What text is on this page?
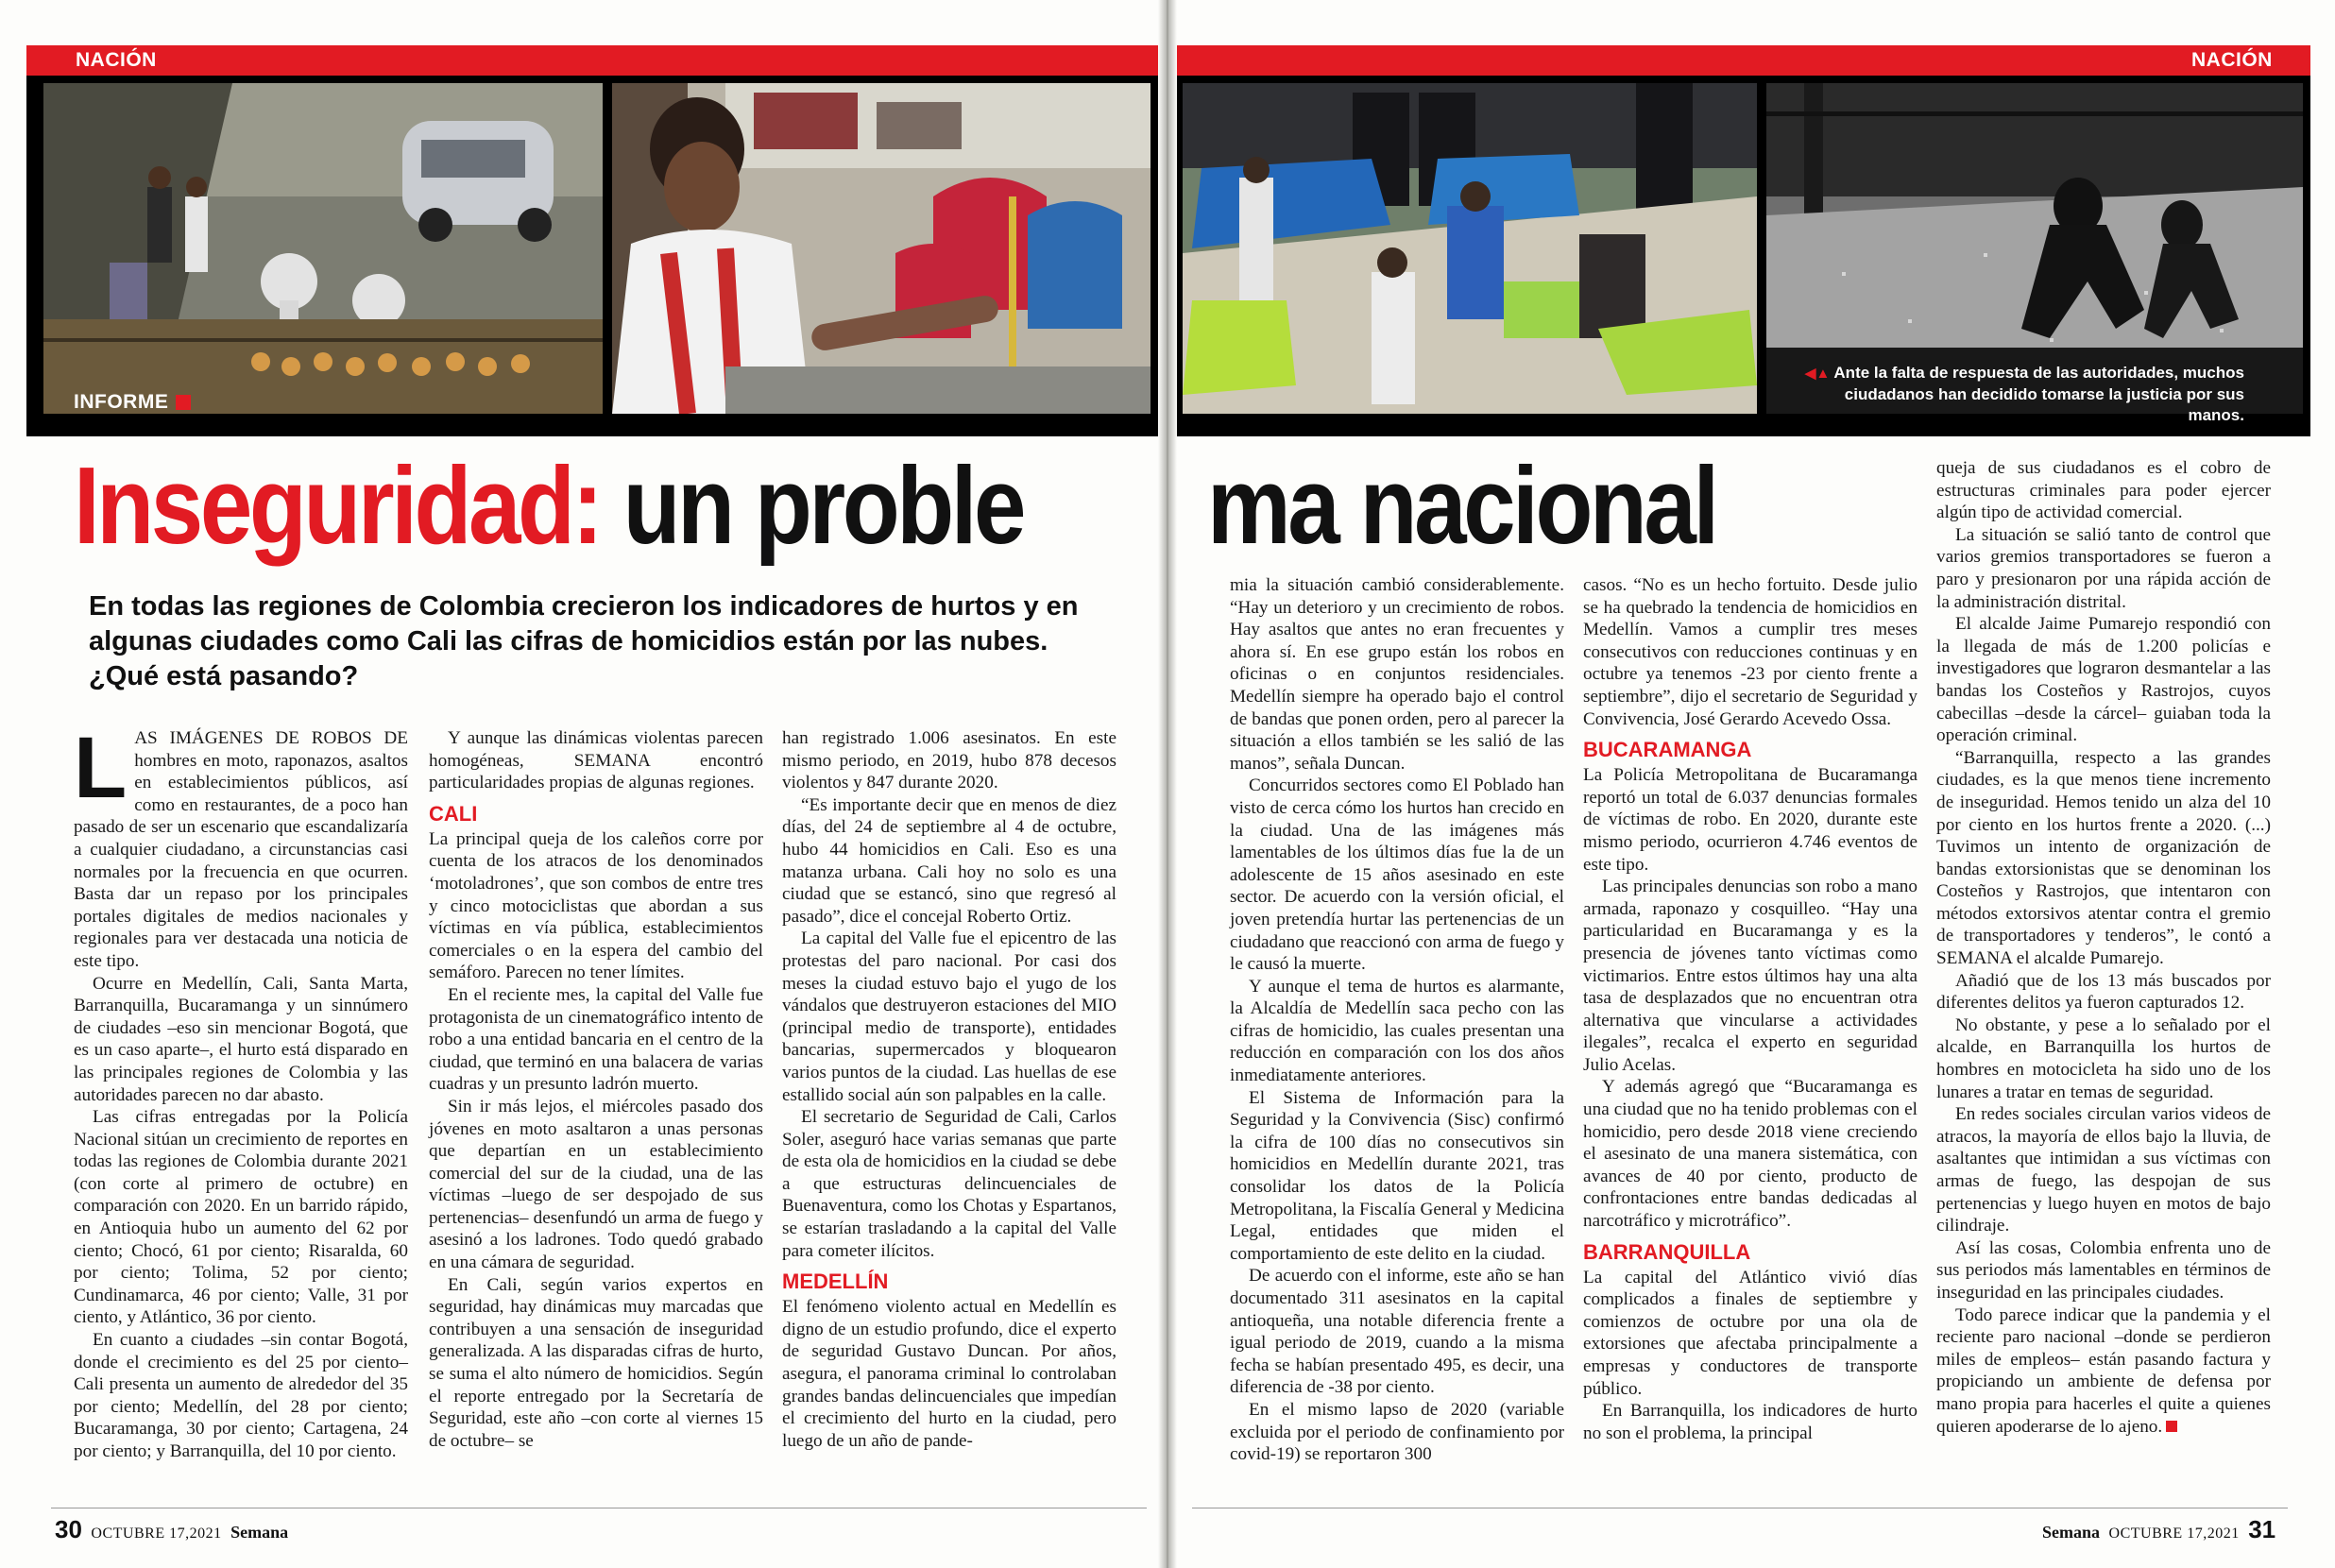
NACIÓN	NACIÓN
INFORME
◀▲ Ante la falta de respuesta de las autoridades, muchos ciudadanos han decidido tomarse la justicia por sus manos.
Inseguridad: un proble ma nacional
En todas las regiones de Colombia crecieron los indicadores de hurtos y en algunas ciudades como Cali las cifras de homicidios están por las nubes. ¿Qué está pasando?

LAS IMÁGENES DE ROBOS DE hombres en moto, raponazos, asaltos en establecimientos públicos, así como en restaurantes, de a poco han pasado de ser un escenario que escandalizaría a cualquier ciudadano, a circunstancias casi normales por la frecuencia en que ocurren. Basta dar un repaso por los principales portales digitales de medios nacionales y regionales para ver destacada una noticia de este tipo.

Ocurre en Medellín, Cali, Santa Marta, Barranquilla, Bucaramanga y un sinnúmero de ciudades –eso sin mencionar Bogotá, que es un caso aparte–, el hurto está disparado en las principales regiones de Colombia y las autoridades parecen no dar abasto.

Las cifras entregadas por la Policía Nacional sitúan un crecimiento de reportes en todas las regiones de Colombia durante 2021 (con corte al primero de octubre) en comparación con 2020. En un barrido rápido, en Antioquia hubo un aumento del 62 por ciento; Chocó, 61 por ciento; Risaralda, 60 por ciento; Tolima, 52 por ciento; Cundinamarca, 46 por ciento; Valle, 31 por ciento, y Atlántico, 36 por ciento.

En cuanto a ciudades –sin contar Bogotá, donde el crecimiento es del 25 por ciento– Cali presenta un aumento de alrededor del 35 por ciento; Medellín, del 28 por ciento; Bucaramanga, 30 por ciento; Cartagena, 24 por ciento; y Barranquilla, del 10 por ciento.

Y aunque las dinámicas violentas parecen homogéneas, SEMANA encontró particularidades propias de algunas regiones.

CALI

La principal queja de los caleños corre por cuenta de los atracos de los denominados ‘motoladrones’, que son combos de entre tres y cinco motociclistas que abordan a sus víctimas en vía pública, establecimientos comerciales o en la espera del cambio del semáforo. Parecen no tener límites.

En el reciente mes, la capital del Valle fue protagonista de un cinematográfico intento de robo a una entidad bancaria en el centro de la ciudad, que terminó en una balacera de varias cuadras y un presunto ladrón muerto.

Sin ir más lejos, el miércoles pasado dos jóvenes en moto asaltaron a unas personas que departían en un establecimiento comercial del sur de la ciudad, una de las víctimas –luego de ser despojado de sus pertenencias– desenfundó un arma de fuego y asesinó a los ladrones. Todo quedó grabado en una cámara de seguridad.

En Cali, según varios expertos en seguridad, hay dinámicas muy marcadas que contribuyen a una sensación de inseguridad generalizada. A las disparadas cifras de hurto, se suma el alto número de homicidios. Según el reporte entregado por la Secretaría de Seguridad, este año –con corte al viernes 15 de octubre– se

han registrado 1.006 asesinatos. En este mismo periodo, en 2019, hubo 878 decesos violentos y 847 durante 2020.

“Es importante decir que en menos de diez días, del 24 de septiembre al 4 de octubre, hubo 44 homicidios en Cali. Eso es una matanza urbana. Cali hoy no solo es una ciudad que se estancó, sino que regresó al pasado”, dice el concejal Roberto Ortiz.

La capital del Valle fue el epicentro de las protestas del paro nacional. Por casi dos meses la ciudad estuvo bajo el yugo de los vándalos que destruyeron estaciones del MIO (principal medio de transporte), entidades bancarias, supermercados y bloquearon varios puntos de la ciudad. Las huellas de ese estallido social aún son palpables en la calle.

El secretario de Seguridad de Cali, Carlos Soler, aseguró hace varias semanas que parte de esta ola de homicidios en la ciudad se debe a que estructuras delincuenciales de Buenaventura, como los Chotas y Espartanos, se estarían trasladando a la capital del Valle para cometer ilícitos.

MEDELLÍN

El fenómeno violento actual en Medellín es digno de un estudio profundo, dice el experto de seguridad Gustavo Duncan. Por años, asegura, el panorama criminal lo controlaban grandes bandas delincuenciales que impedían el crecimiento del hurto en la ciudad, pero luego de un año de pande-

mia la situación cambió considerablemente. “Hay un deterioro y un crecimiento de robos. Hay asaltos que antes no eran frecuentes y ahora sí. En ese grupo están los robos en oficinas o en conjuntos residenciales. Medellín siempre ha operado bajo el control de bandas que ponen orden, pero al parecer la situación a ellos también se les salió de las manos”, señala Duncan.

Concurridos sectores como El Poblado han visto de cerca cómo los hurtos han crecido en la ciudad. Una de las imágenes más lamentables de los últimos días fue la de un adolescente de 15 años asesinado en este sector. De acuerdo con la versión oficial, el joven pretendía hurtar las pertenencias de un ciudadano que reaccionó con arma de fuego y le causó la muerte.

Y aunque el tema de hurtos es alarmante, la Alcaldía de Medellín saca pecho con las cifras de homicidio, las cuales presentan una reducción en comparación con los dos años inmediatamente anteriores.

El Sistema de Información para la Seguridad y la Convivencia (Sisc) confirmó la cifra de 100 días no consecutivos sin homicidios en Medellín durante 2021, tras consolidar los datos de la Policía Metropolitana, la Fiscalía General y Medicina Legal, entidades que miden el comportamiento de este delito en la ciudad.

De acuerdo con el informe, este año se han documentado 311 asesinatos en la capital antioqueña, una notable diferencia frente a igual periodo de 2019, cuando a la misma fecha se habían presentado 495, es decir, una diferencia de -38 por ciento.

En el mismo lapso de 2020 (variable excluida por el periodo de confinamiento por covid-19) se reportaron 300

casos. “No es un hecho fortuito. Desde julio se ha quebrado la tendencia de homicidios en Medellín. Vamos a cumplir tres meses consecutivos con reducciones continuas y en octubre ya tenemos -23 por ciento frente a septiembre”, dijo el secretario de Seguridad y Convivencia, José Gerardo Acevedo Ossa.

BUCARAMANGA

La Policía Metropolitana de Bucaramanga reportó un total de 6.037 denuncias formales de víctimas de robo. En 2020, durante este mismo periodo, ocurrieron 4.746 eventos de este tipo.

Las principales denuncias son robo a mano armada, raponazo y cosquilleo. “Hay una particularidad en Bucaramanga y es la presencia de jóvenes tanto víctimas como victimarios. Entre estos últimos hay una alta tasa de desplazados que no encuentran otra alternativa que vincularse a actividades ilegales”, recalca el experto en seguridad Julio Acelas.

Y además agregó que “Bucaramanga es una ciudad que no ha tenido problemas con el homicidio, pero desde 2018 viene creciendo el asesinato de una manera sistemática, con avances de 40 por ciento, producto de confrontaciones entre bandas dedicadas al narcotráfico y microtráfico”.

BARRANQUILLA

La capital del Atlántico vivió días complicados a finales de septiembre y comienzos de octubre por una ola de extorsiones que afectaba principalmente a empresas y conductores de transporte público.

En Barranquilla, los indicadores de hurto no son el problema, la principal

queja de sus ciudadanos es el cobro de estructuras criminales para poder ejercer algún tipo de actividad comercial.

La situación se salió tanto de control que varios gremios transportadores se fueron a paro y presionaron por una rápida acción de la administración distrital.

El alcalde Jaime Pumarejo respondió con la llegada de más de 1.200 policías e investigadores que lograron desmantelar a las bandas los Costeños y Rastrojos, cuyos cabecillas –desde la cárcel– guiaban toda la operación criminal.

“Barranquilla, respecto a las grandes ciudades, es la que menos tiene incremento de inseguridad. Hemos tenido un alza del 10 por ciento en los hurtos frente a 2020. (...) Tuvimos un intento de organización de bandas extorsionistas que se denominan los Costeños y Rastrojos, que intentaron con métodos extorsivos atentar contra el gremio de transportadores y tenderos”, le contó a SEMANA el alcalde Pumarejo.

Añadió que de los 13 más buscados por diferentes delitos ya fueron capturados 12.

No obstante, y pese a lo señalado por el alcalde, en Barranquilla los hurtos de hombres en motocicleta ha sido uno de los lunares a tratar en temas de seguridad.

En redes sociales circulan varios videos de atracos, la mayoría de ellos bajo la lluvia, de asaltantes que intimidan a sus víctimas con armas de fuego, las despojan de sus pertenencias y luego huyen en motos de bajo cilindraje.

Así las cosas, Colombia enfrenta uno de sus periodos más lamentables en términos de inseguridad en las principales ciudades.

Todo parece indicar que la pandemia y el reciente paro nacional –donde se perdieron miles de empleos– están pasando factura y propiciando un ambiente de defensa por mano propia para hacerles el quite a quienes quieren apoderarse de lo ajeno.

30 OCTUBRE 17,2021 Semana	Semana OCTUBRE 17,2021 31
